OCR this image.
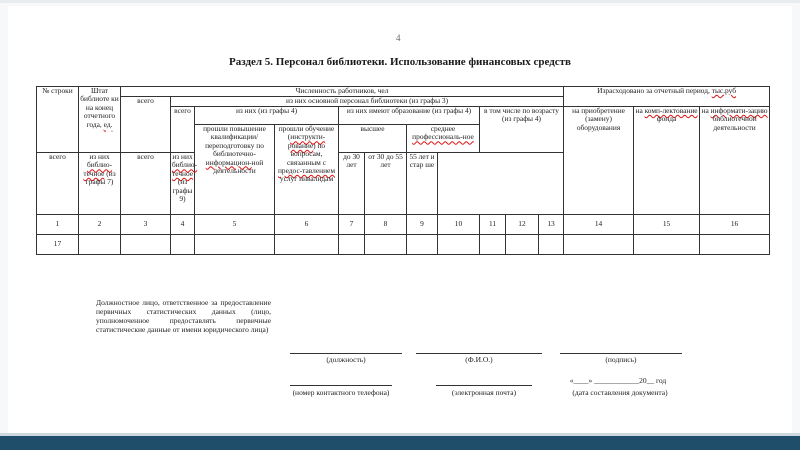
4
Раздел 5. Персонал библиотеки. Использование финансовых средств
№ строки	Штат библиоте ки на конец отчетного года, ед.	Численность работников, чел											Израсходовано за отчетный период, тыс.руб		
		всего	из них основной персонал библиотеки (из графы 3)												
			всего	из них (из графы 4)		из них имеют образование (из графы 4)				в том числе по возрасту (из графы 4)			на приобретение (замену) оборудования	на комп-лектование фонда	на информати-зацию библиотечной деятельности
				прошли повышение квалификации/ переподготовку по библиотечно-информацион-ной деятельности	прошли обучение (инструкти-рование) по вопросам, связанным с предос-тавлением услуг инвалидам	высшее		среднее профессиональ-ное							
всего	из них библио-течное (из графы 7)	всего	из них библио-течное (из графы 9)			до 30 лет	от 30 до 55 лет	55 лет и стар ше							
1	2	3	4	5	6	7	8	9	10	11	12	13	14	15	16
17															
Должностное лицо, ответственное за предоставление первичных статистических данных (лицо, уполномоченное предоставлять первичные статистические данные от имени юридического лица)
(должность)	(Ф.И.О.)	(подпись)
(номер контактного телефона)	(электронная почта)
«____» ____________20__ год
(дата составления документа)
